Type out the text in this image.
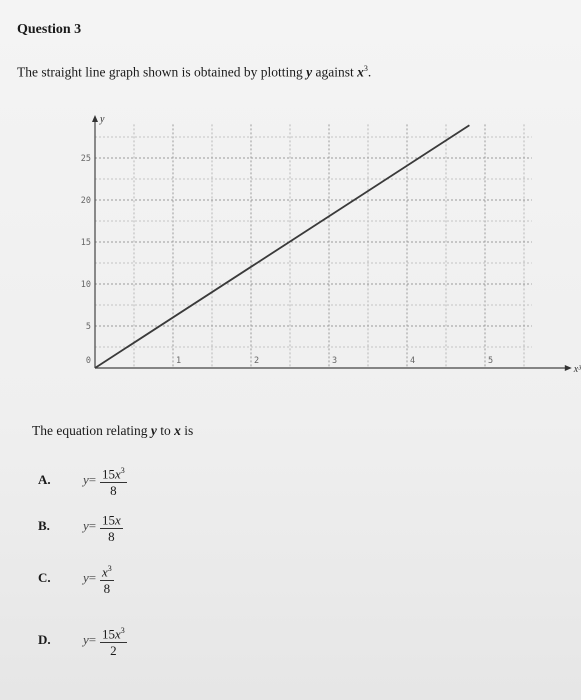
Question 3
The straight line graph shown is obtained by plotting y against $x^3$.
5
10
15
20
25
1	2	3	4	5
0
y
x³
The equation relating y to x is
A. $y= \frac{15x^3}{8}$
B.	$y= \frac{15x}{8}$
C. $y= \frac{x^3}{8}$
D. $y= \frac{15x^3}{2}$
